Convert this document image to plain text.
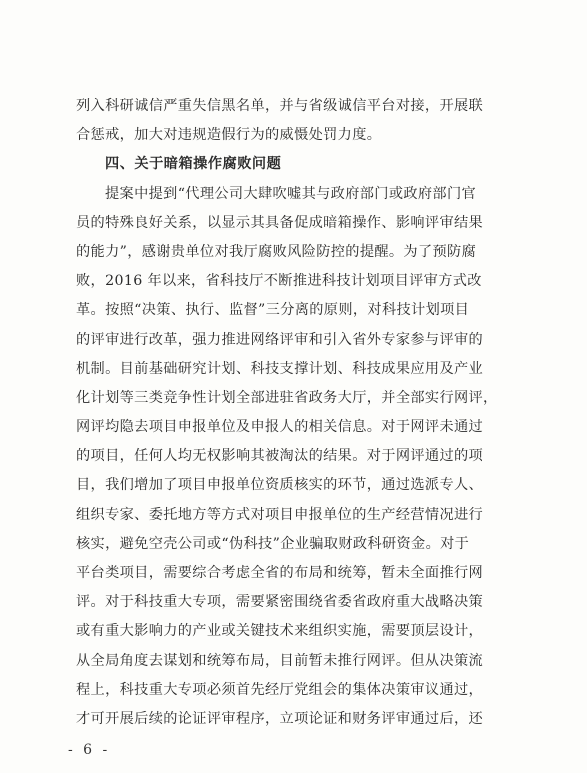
列入科研诚信严重失信黑名单，并与省级诚信平台对接，开展联
合惩戒，加大对违规造假行为的威慑处罚力度。
四、关于暗箱操作腐败问题
提案中提到“代理公司大肆吹嘘其与政府部门或政府部门官
员的特殊良好关系，以显示其具备促成暗箱操作、影响评审结果
的能力”，感谢贵单位对我厅腐败风险防控的提醒。为了预防腐
败，2016 年以来，省科技厅不断推进科技计划项目评审方式改
革。按照“决策、执行、监督”三分离的原则，对科技计划项目
的评审进行改革，强力推进网络评审和引入省外专家参与评审的
机制。目前基础研究计划、科技支撑计划、科技成果应用及产业
化计划等三类竞争性计划全部进驻省政务大厅，并全部实行网评，
网评均隐去项目申报单位及申报人的相关信息。对于网评未通过
的项目，任何人均无权影响其被淘汰的结果。对于网评通过的项
目，我们增加了项目申报单位资质核实的环节，通过选派专人、
组织专家、委托地方等方式对项目申报单位的生产经营情况进行
核实，避免空壳公司或“伪科技”企业骗取财政科研资金。对于
平台类项目，需要综合考虑全省的布局和统筹，暂未全面推行网
评。对于科技重大专项，需要紧密围绕省委省政府重大战略决策
或有重大影响力的产业或关键技术来组织实施，需要顶层设计，
从全局角度去谋划和统筹布局，目前暂未推行网评。但从决策流
程上，科技重大专项必须首先经厅党组会的集体决策审议通过，
才可开展后续的论证评审程序，立项论证和财务评审通过后，还
- 6 -
